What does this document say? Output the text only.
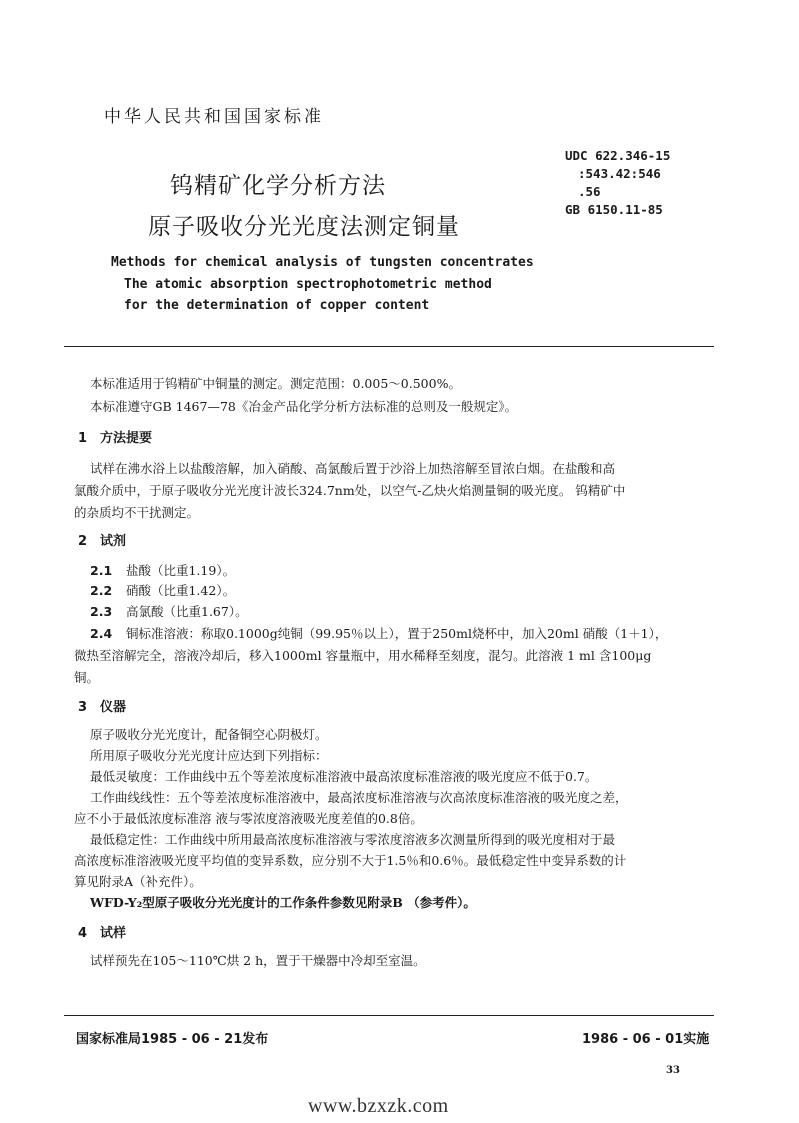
中华人民共和国国家标准
UDC 622.346-15
:543.42:546
.56
GB 6150.11-85
钨精矿化学分析方法
原子吸收分光光度法测定铜量
Methods for chemical analysis of tungsten concentrates
The atomic absorption spectrophotometric method
for the determination of copper content
本标准适用于钨精矿中铜量的测定。测定范围：0.005～0.500%。
本标准遵守GB 1467—78《冶金产品化学分析方法标准的总则及一般规定》。
1　方法提要
试样在沸水浴上以盐酸溶解，加入硝酸、高氯酸后置于沙浴上加热溶解至冒浓白烟。在盐酸和高
氯酸介质中，于原子吸收分光光度计波长324.7nm处，以空气-乙炔火焰测量铜的吸光度。 钨精矿中
的杂质均不干扰测定。
2　试剂
2.1 盐酸（比重1.19）。
2.2 硝酸（比重1.42）。
2.3 高氯酸（比重1.67）。
2.4 铜标准溶液：称取0.1000g纯铜（99.95％以上），置于250ml烧杯中，加入20ml 硝酸（1＋1），
微热至溶解完全，溶液冷却后，移入1000ml 容量瓶中，用水稀释至刻度，混匀。此溶液 1 ml 含100μg
铜。
3　仪器
原子吸收分光光度计，配备铜空心阴极灯。
所用原子吸收分光光度计应达到下列指标：
最低灵敏度：工作曲线中五个等差浓度标准溶液中最高浓度标准溶液的吸光度应不低于0.7。
工作曲线线性：五个等差浓度标准溶液中，最高浓度标准溶液与次高浓度标准溶液的吸光度之差，
应不小于最低浓度标准溶 液与零浓度溶液吸光度差值的0.8倍。
最低稳定性：工作曲线中所用最高浓度标准溶液与零浓度溶液多次测量所得到的吸光度相对于最
高浓度标准溶液吸光度平均值的变异系数，应分别不大于1.5％和0.6％。最低稳定性中变异系数的计
算见附录A（补充件）。
WFD-Y₂型原子吸收分光光度计的工作条件参数见附录B （参考件）。
4　试样
试样预先在105～110℃烘 2 h，置于干燥器中冷却至室温。
国家标准局1985 - 06 - 21发布	1986 - 06 - 01实施
33
www.bzxzk.com
